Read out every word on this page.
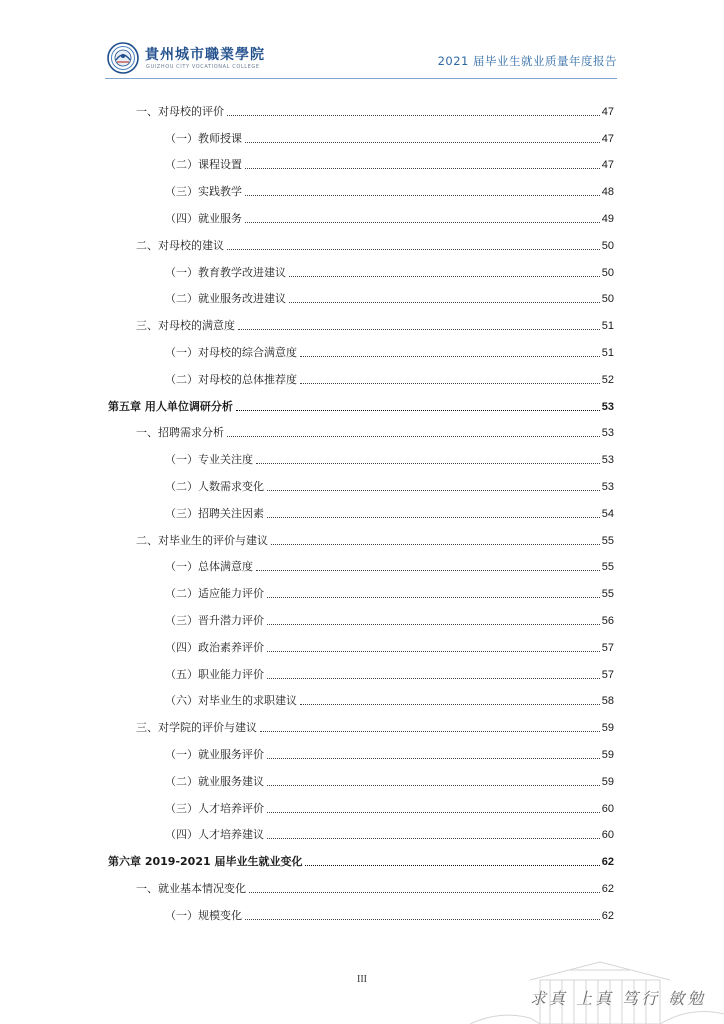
貴州城市職業學院
GUIZHOU CITY VOCATIONAL COLLEGE	2021 届毕业生就业质量年度报告
一、对母校的评价	47
（一）教师授课	47
（二）课程设置	47
（三）实践教学	48
（四）就业服务	49
二、对母校的建议	50
（一）教育教学改进建议	50
（二）就业服务改进建议	50
三、对母校的满意度	51
（一）对母校的综合满意度	51
（二）对母校的总体推荐度	52
第五章 用人单位调研分析	53
一、招聘需求分析	53
（一）专业关注度	53
（二）人数需求变化	53
（三）招聘关注因素	54
二、对毕业生的评价与建议	55
（一）总体满意度	55
（二）适应能力评价	55
（三）晋升潜力评价	56
（四）政治素养评价	57
（五）职业能力评价	57
（六）对毕业生的求职建议	58
三、对学院的评价与建议	59
（一）就业服务评价	59
（二）就业服务建议	59
（三）人才培养评价	60
（四）人才培养建议	60
第六章 2019-2021 届毕业生就业变化	62
一、就业基本情况变化	62
（一）规模变化	62
III
求真 上真 笃行 敏勉
